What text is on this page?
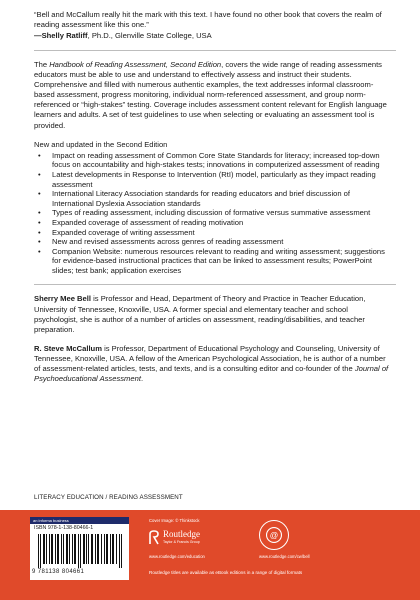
“Bell and McCallum really hit the mark with this text. I have found no other book that covers the realm of reading assessment like this one.”

—Shelly Ratliff, Ph.D., Glenville State College, USA

The Handbook of Reading Assessment, Second Edition, covers the wide range of reading assessments educators must be able to use and understand to effectively assess and instruct their students. Comprehensive and filled with numerous authentic examples, the text addresses informal classroom-based assessment, progress monitoring, individual norm-referenced assessment, and group norm-referenced or “high-stakes” testing. Coverage includes assessment content relevant for English language learners and adults. A set of test guidelines to use when selecting or evaluating an assessment tool is provided.

New and updated in the Second Edition

• Impact on reading assessment of Common Core State Standards for literacy; increased top-down focus on accountability and high-stakes tests; innovations in computerized assessment of reading
• Latest developments in Response to Intervention (RtI) model, particularly as they impact reading assessment
• International Literacy Association standards for reading educators and brief discussion of International Dyslexia Association standards
• Types of reading assessment, including discussion of formative versus summative assessment
• Expanded coverage of assessment of reading motivation
• Expanded coverage of writing assessment
• New and revised assessments across genres of reading assessment
• Companion Website: numerous resources relevant to reading and writing assessment; suggestions for evidence-based instructional practices that can be linked to assessment results; PowerPoint slides; test bank; application exercises

Sherry Mee Bell is Professor and Head, Department of Theory and Practice in Teacher Education, University of Tennessee, Knoxville, USA. A former special and elementary teacher and school psychologist, she is author of a number of articles on assessment, reading/disabilities, and teacher preparation.

R. Steve McCallum is Professor, Department of Educational Psychology and Counseling, University of Tennessee, Knoxville, USA. A fellow of the American Psychological Association, he is author of a number of assessment-related articles, tests, and texts, and is a consulting editor and co-founder of the Journal of Psychoeducational Assessment.

LITERACY EDUCATION / READING ASSESSMENT
an informa business
ISBN 978-1-138-80466-1
9 781138 804661
Cover Image: © Thinkstock
Routledge
Taylor & Francis Group
www.routledge.com/education
@
www.routledge.com/cw/bell
Routledge titles are available as eBook editions in a range of digital formats
